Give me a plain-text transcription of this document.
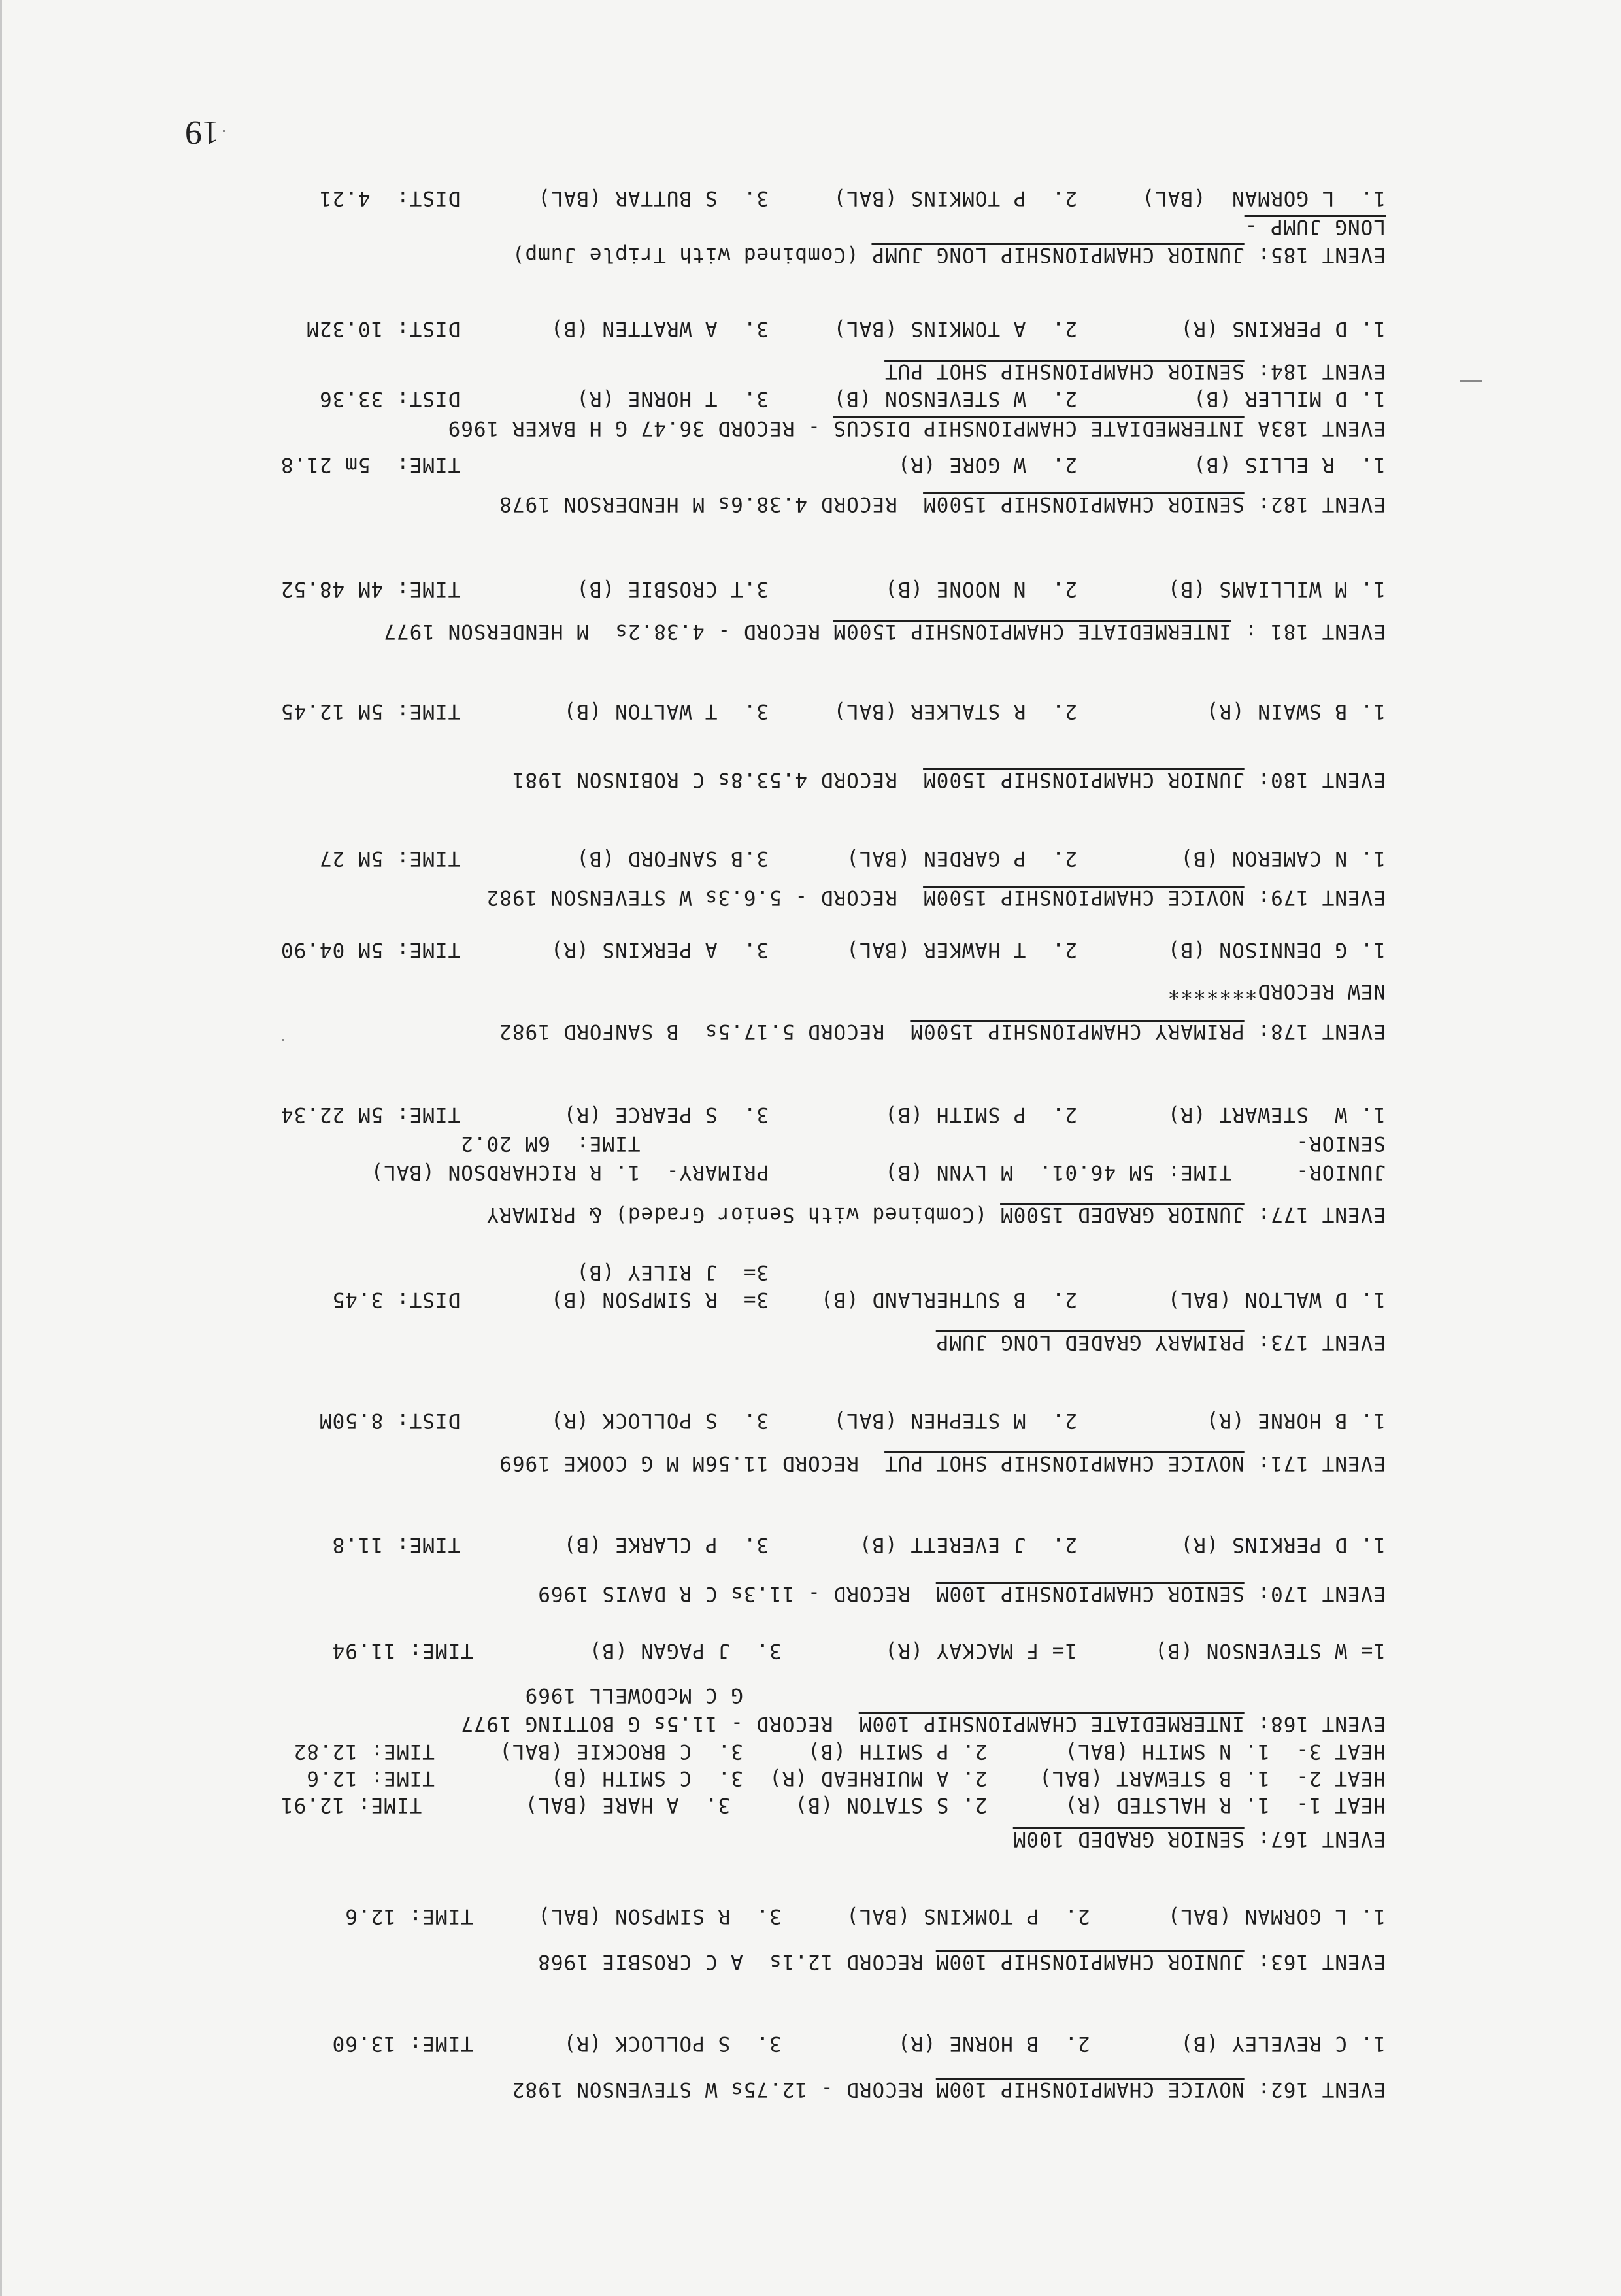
EVENT 162: NOVICE CHAMPIONSHIP 100M RECORD - 12.75s W STEVENSON 1982
1. C REVELEY (B)       2.  B HORNE (R)         3.  S POLLOCK (R)       TIME: 13.60
EVENT 163: JUNIOR CHAMPIONSHIP 100M RECORD 12.1s  A C CROSBIE 1968
1. L GORMAN (BAL)      2.  P TOMKINS (BAL)     3.  R SIMPSON (BAL)     TIME: 12.6
EVENT 167: SENIOR GRADED 100M
HEAT 1-  1. R HALSTED (R)      2. S STATON (B)     3.  A HARE (BAL)        TIME: 12.91
HEAT 2-  1. B STEWART (BAL)    2. A MUIRHEAD (R)  3.  C SMITH (B)         TIME: 12.6
HEAT 3-  1. N SMITH (BAL)      2. P SMITH (B)     3.  C BROCKIE (BAL)     TIME: 12.82
EVENT 168: INTERMEDIATE CHAMPIONSHIP 100M  RECORD - 11.5s G BOTTING 1977
G C McDOWELL 1969
1= W STEVENSON (B)      1= F MACKAY (R)        3.  J PAGAN (B)         TIME: 11.94
EVENT 170: SENIOR CHAMPIONSHIP 100M  RECORD - 11.3s C R DAVIS 1969
1. D PERKINS (R)        2.  J EVERETT (B)       3.  P CLARKE (B)        TIME: 11.8
EVENT 171: NOVICE CHAMPIONSHIP SHOT PUT  RECORD 11.56M M G COOKE 1969
1. B HORNE (R)          2.  M STEPHEN (BAL)     3.  S POLLOCK (R)       DIST: 8.50M
EVENT 173: PRIMARY GRADED LONG JUMP
1. D WALTON (BAL)       2.  B SUTHERLAND (B)    3=  R SIMPSON (B)       DIST: 3.45
3=  J RILEY (B)
EVENT 177: JUNIOR GRADED 1500M (Combined with Senior Graded) & PRIMARY
JUNIOR-     TIME: 5M 46.01.  M LYNN (B)         PRIMARY-  1. R RICHARDSON (BAL)
SENIOR-                                                   TIME:  6M 20.2
1. W  STEWART (R)       2.  P SMITH (B)         3.  S PEARCE (R)        TIME: 5M 22.34
EVENT 178: PRIMARY CHAMPIONSHIP 1500M  RECORD 5.17.5s  B SANFORD 1982
NEW RECORD*******
1. G DENNISON (B)       2.  T HAWKER (BAL)      3.  A PERKINS (R)       TIME: 5M 04.90
EVENT 179: NOVICE CHAMPIONSHIP 1500M  RECORD - 5.6.3s W STEVENSON 1982
1. N CAMERON (B)        2.  P GARDEN (BAL)      3.B SANFORD (B)         TIME: 5M 27
EVENT 180: JUNIOR CHAMPIONSHIP 1500M  RECORD 4.53.8s C ROBINSON 1981
1. B SWAIN (R)          2.  R STALKER (BAL)     3.  T WALTON (B)        TIME: 5M 12.45
EVENT 181 : INTERMEDIATE CHAMPIONSHIP 1500M RECORD - 4.38.2s  M HENDERSON 1977
1. M WILLIAMS (B)       2.  N NOONE (B)         3.T CROSBIE (B)         TIME: 4M 48.52
EVENT 182: SENIOR CHAMPIONSHIP 1500M  RECORD 4.38.6s M HENDERSON 1978
1.  R ELLIS (B)         2.  W GORE (R)                                  TIME:  5m 21.8
EVENT 183A INTERMEDIATE CHAMPIONSHIP DISCUS - RECORD 36.47 G H BAKER 1969
1. D MILLER (B)         2.  W STEVENSON (B)     3.  T HORNE (R)         DIST: 33.36
EVENT 184: SENIOR CHAMPIONSHIP SHOT PUT
1. D PERKINS (R)        2.  A TOMKINS (BAL)     3.  A WRATTEN (B)       DIST: 10.32M
EVENT 185: JUNIOR CHAMPIONSHIP LONG JUMP (Combined with Triple Jump)
LONG JUMP -
1.  L GORMAN  (BAL)     2.  P TOMKINS (BAL)     3.  S BUTTAR (BAL)      DIST:  4.21
19
